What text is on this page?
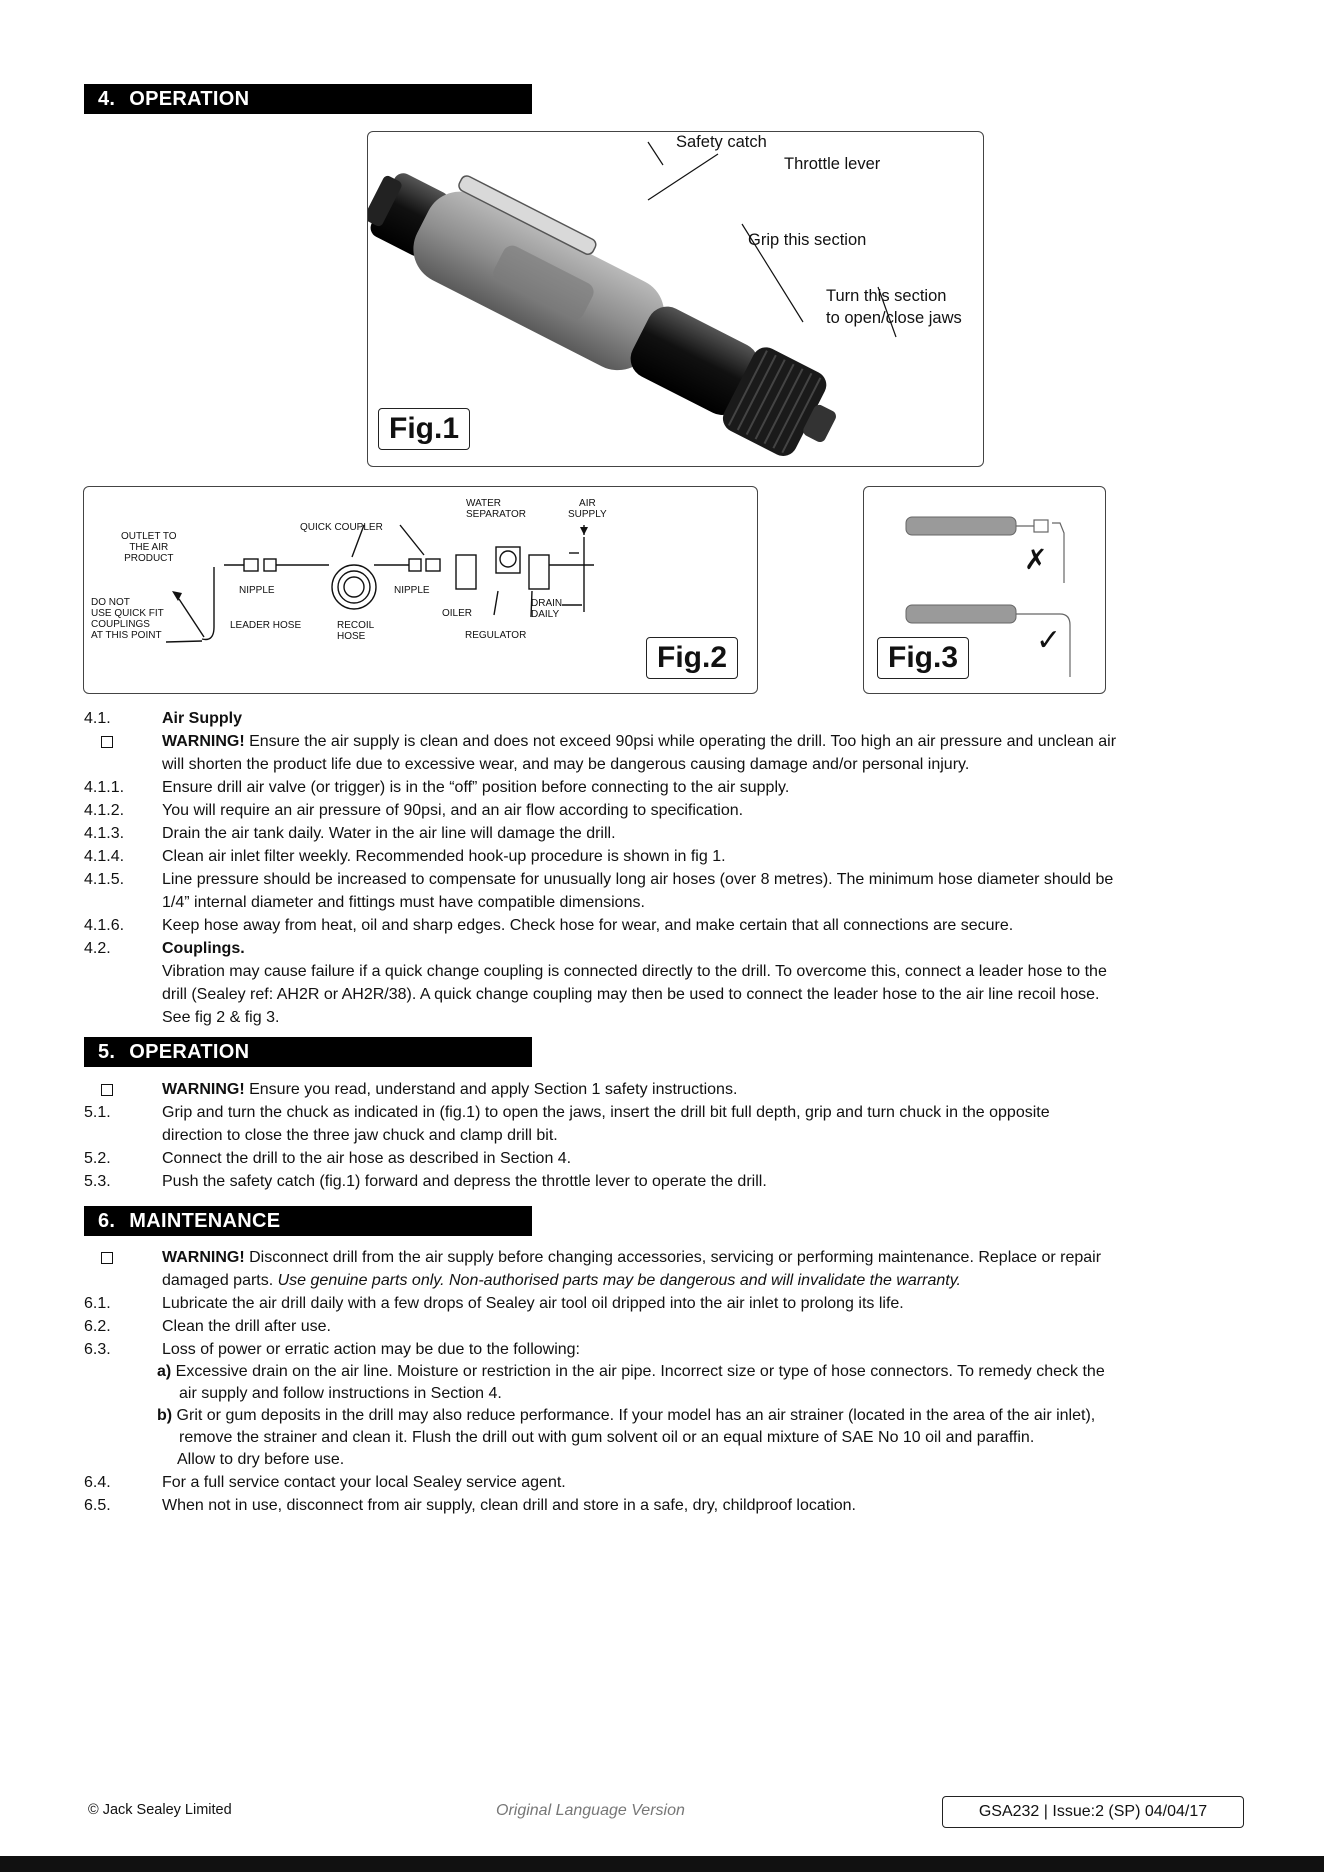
4. OPERATION
Safety catch
Throttle lever
Grip this section
Turn this section
to open/close jaws
Fig.1
OUTLET TO
THE AIR
PRODUCT
DO NOT
USE QUICK FIT
COUPLINGS
AT THIS POINT
QUICK COUPLER
NIPPLE	NIPPLE
LEADER HOSE	RECOIL
HOSE
WATER
SEPARATOR
AIR
SUPPLY
OILER
REGULATOR
DRAIN
DAILY
Fig.2
✗
✓
Fig.3
4.1.	Air Supply
WARNING! Ensure the air supply is clean and does not exceed 90psi while operating the drill. Too high an air pressure and unclean air
will shorten the product life due to excessive wear, and may be dangerous causing damage and/or personal injury.
4.1.1.	Ensure drill air valve (or trigger) is in the “off” position before connecting to the air supply.
4.1.2.	You will require an air pressure of 90psi, and an air flow according to specification.
4.1.3.	Drain the air tank daily. Water in the air line will damage the drill.
4.1.4.	Clean air inlet filter weekly. Recommended hook-up procedure is shown in fig 1.
4.1.5.	Line pressure should be increased to compensate for unusually long air hoses (over 8 metres). The minimum hose diameter should be
1/4” internal diameter and fittings must have compatible dimensions.
4.1.6.	Keep hose away from heat, oil and sharp edges. Check hose for wear, and make certain that all connections are secure.
4.2.	Couplings.
Vibration may cause failure if a quick change coupling is connected directly to the drill. To overcome this, connect a leader hose to the
drill (Sealey ref: AH2R or AH2R/38). A quick change coupling may then be used to connect the leader hose to the air line recoil hose.
See fig 2 & fig 3.
5. OPERATION
WARNING! Ensure you read, understand and apply Section 1 safety instructions.
5.1.	Grip and turn the chuck as indicated in (fig.1) to open the jaws, insert the drill bit full depth, grip and turn chuck in the opposite
direction to close the three jaw chuck and clamp drill bit.
5.2.	Connect the drill to the air hose as described in Section 4.
5.3.	Push the safety catch (fig.1) forward and depress the throttle lever to operate the drill.
6. MAINTENANCE
WARNING! Disconnect drill from the air supply before changing accessories, servicing or performing maintenance. Replace or repair
damaged parts. Use genuine parts only. Non-authorised parts may be dangerous and will invalidate the warranty.
6.1.	Lubricate the air drill daily with a few drops of Sealey air tool oil dripped into the air inlet to prolong its life.
6.2.	Clean the drill after use.
6.3.	Loss of power or erratic action may be due to the following:
a) Excessive drain on the air line. Moisture or restriction in the air pipe. Incorrect size or type of hose connectors. To remedy check the
air supply and follow instructions in Section 4.
b) Grit or gum deposits in the drill may also reduce performance. If your model has an air strainer (located in the area of the air inlet),
remove the strainer and clean it. Flush the drill out with gum solvent oil or an equal mixture of SAE No 10 oil and paraffin.
Allow to dry before use.
6.4.	For a full service contact your local Sealey service agent.
6.5.	When not in use, disconnect from air supply, clean drill and store in a safe, dry, childproof location.
© Jack Sealey Limited	Original Language Version	GSA232 | Issue:2 (SP) 04/04/17
